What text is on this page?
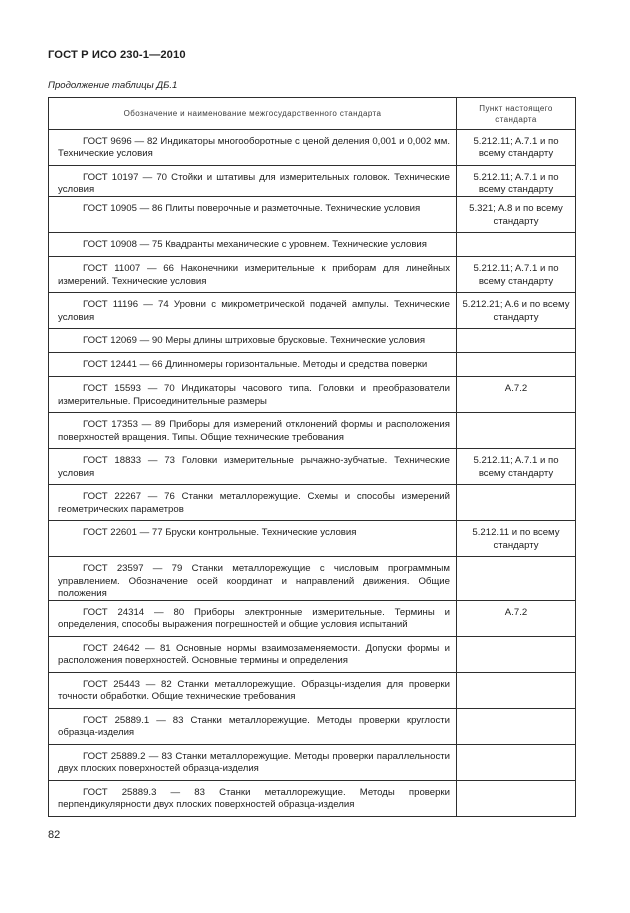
ГОСТ Р ИСО 230-1—2010
Продолжение таблицы ДБ.1
Обозначение и наименование межгосударственного стандарта	Пункт настоящего стандарта
ГОСТ 9696 — 82 Индикаторы многооборотные с ценой деления 0,001 и 0,002 мм. Технические условия	5.212.11; A.7.1 и по всему стандарту
ГОСТ 10197 — 70 Стойки и штативы для измерительных головок. Технические условия	5.212.11; A.7.1 и по всему стандарту
ГОСТ 10905 — 86 Плиты поверочные и разметочные. Технические условия	5.321; A.8 и по всему стандарту
ГОСТ 10908 — 75 Квадранты механические с уровнем. Технические условия	
ГОСТ 11007 — 66 Наконечники измерительные к приборам для линейных измерений. Технические условия	5.212.11; A.7.1 и по всему стандарту
ГОСТ 11196 — 74 Уровни с микрометрической подачей ампулы. Технические условия	5.212.21; A.6 и по всему стандарту
ГОСТ 12069 — 90 Меры длины штриховые брусковые. Технические условия	
ГОСТ 12441 — 66 Длинномеры горизонтальные. Методы и средства поверки	
ГОСТ 15593 — 70 Индикаторы часового типа. Головки и преобразователи измерительные. Присоединительные размеры	A.7.2
ГОСТ 17353 — 89 Приборы для измерений отклонений формы и расположения поверхностей вращения. Типы. Общие технические требования	
ГОСТ 18833 — 73 Головки измерительные рычажно-зубчатые. Технические условия	5.212.11; A.7.1 и по всему стандарту
ГОСТ 22267 — 76 Станки металлорежущие. Схемы и способы измерений геометрических параметров	
ГОСТ 22601 — 77 Бруски контрольные. Технические условия	5.212.11 и по всему стандарту
ГОСТ 23597 — 79 Станки металлорежущие с числовым программным управлением. Обозначение осей координат и направлений движения. Общие положения	
ГОСТ 24314 — 80 Приборы электронные измерительные. Термины и определения, способы выражения погрешностей и общие условия испытаний	A.7.2
ГОСТ 24642 — 81 Основные нормы взаимозаменяемости. Допуски формы и расположения поверхностей. Основные термины и определения	
ГОСТ 25443 — 82 Станки металлорежущие. Образцы-изделия для проверки точности обработки. Общие технические требования	
ГОСТ 25889.1 — 83 Станки металлорежущие. Методы проверки круглости образца-изделия	
ГОСТ 25889.2 — 83 Станки металлорежущие. Методы проверки параллельности двух плоских поверхностей образца-изделия	
ГОСТ 25889.3 — 83 Станки металлорежущие. Методы проверки перпендикулярности двух плоских поверхностей образца-изделия	
82
